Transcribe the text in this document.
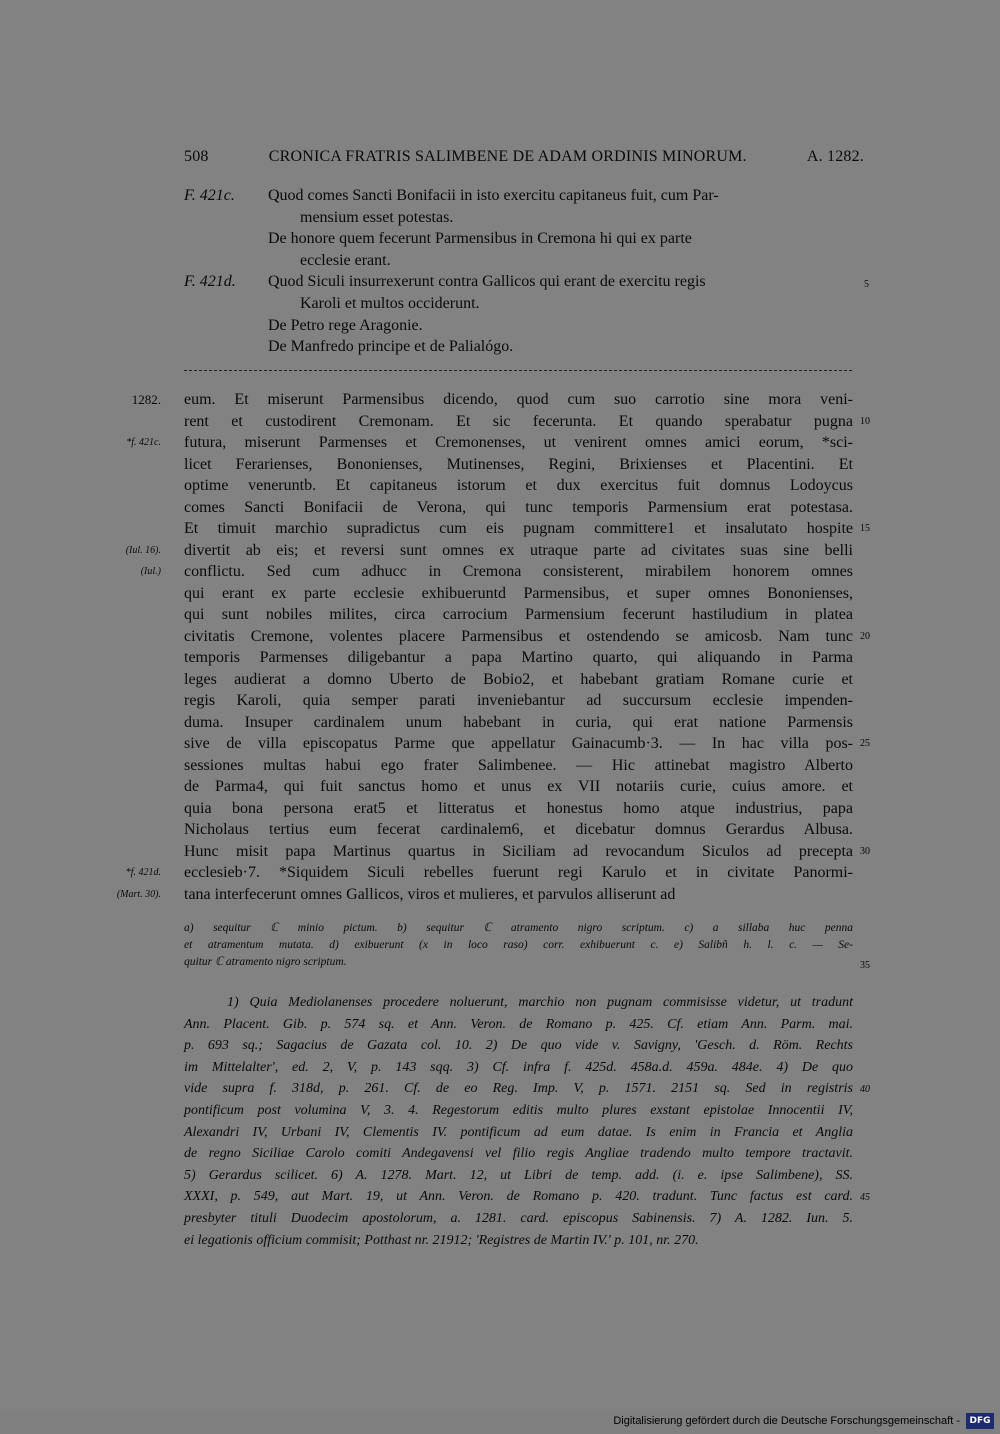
508	CRONICA FRATRIS SALIMBENE DE ADAM ORDINIS MINORUM.	A. 1282.
F. 421c. Quod comes Sancti Bonifacii in isto exercitu capitaneus fuit, cum Par-
mensium esset potestas.
De honore quem fecerunt Parmensibus in Cremona hi qui ex parte
ecclesie erant.
F. 421d. Quod Siculi insurrexerunt contra Gallicos qui erant de exercitu regis
Karoli et multos occiderunt.
De Petro rege Aragonie.
De Manfredo principe et de Palialógo.
5
eum. Et miserunt Parmensibus dicendo, quod cum suo carrotio sine mora veni-
rent et custodirent Cremonam. Et sic fecerunta. Et quando sperabatur pugna
futura, miserunt Parmenses et Cremonenses, ut venirent omnes amici eorum, *sci-
licet Ferarienses, Bononienses, Mutinenses, Regini, Brixienses et Placentini. Et
optime veneruntb. Et capitaneus istorum et dux exercitus fuit domnus Lodoycus
comes Sancti Bonifacii de Verona, qui tunc temporis Parmensium erat potestasa.
Et timuit marchio supradictus cum eis pugnam committere1 et insalutato hospite
divertit ab eis; et reversi sunt omnes ex utraque parte ad civitates suas sine belli
conflictu. Sed cum adhucc in Cremona consisterent, mirabilem honorem omnes
qui erant ex parte ecclesie exhibueruntd Parmensibus, et super omnes Bononienses,
qui sunt nobiles milites, circa carrocium Parmensium fecerunt hastiludium in platea
civitatis Cremone, volentes placere Parmensibus et ostendendo se amicosb. Nam tunc
temporis Parmenses diligebantur a papa Martino quarto, qui aliquando in Parma
leges audierat a domno Uberto de Bobio2, et habebant gratiam Romane curie et
regis Karoli, quia semper parati inveniebantur ad succursum ecclesie impenden-
duma. Insuper cardinalem unum habebant in curia, qui erat natione Parmensis
sive de villa episcopatus Parme que appellatur Gainacumb·3. — In hac villa pos-
sessiones multas habui ego frater Salimbenee. — Hic attinebat magistro Alberto
de Parma4, qui fuit sanctus homo et unus ex VII notariis curie, cuius amore. et
quia bona persona erat5 et litteratus et honestus homo atque industrius, papa
Nicholaus tertius eum fecerat cardinalem6, et dicebatur domnus Gerardus Albusa.
Hunc misit papa Martinus quartus in Siciliam ad revocandum Siculos ad precepta
ecclesieb·7. *Siquidem Siculi rebelles fuerunt regi Karulo et in civitate Panormi-
tana interfecerunt omnes Gallicos, viros et mulieres, et parvulos alliserunt ad
1282.
*f. 421c.
(Iul. 16).
(Iul.)
*f. 421d.
(Mart. 30).
10
15
20
25
30
a) sequitur ℂ minio pictum. b) sequitur ℂ atramento nigro scriptum. c) a sillaba huc penna
et atramentum mutata. d) exibuerunt (x in loco raso) corr. exhibuerunt c. e) Salibñ h. l. c. — Se-
quitur ℂ atramento nigro scriptum.	35
1) Quia Mediolanenses procedere noluerunt, marchio non pugnam commisisse videtur, ut tradunt
Ann. Placent. Gib. p. 574 sq. et Ann. Veron. de Romano p. 425. Cf. etiam Ann. Parm. mai.
p. 693 sq.; Sagacius de Gazata col. 10. 2) De quo vide v. Savigny, 'Gesch. d. Röm. Rechts
im Mittelalter', ed. 2, V, p. 143 sqq. 3) Cf. infra f. 425d. 458a.d. 459a. 484e. 4) De quo
vide supra f. 318d, p. 261. Cf. de eo Reg. Imp. V, p. 1571. 2151 sq. Sed in registris
pontificum post volumina V, 3. 4. Regestorum editis multo plures exstant epistolae Innocentii IV,
Alexandri IV, Urbani IV, Clementis IV. pontificum ad eum datae. Is enim in Francia et Anglia
de regno Siciliae Carolo comiti Andegavensi vel filio regis Angliae tradendo multo tempore tractavit.
5) Gerardus scilicet. 6) A. 1278. Mart. 12, ut Libri de temp. add. (i. e. ipse Salimbene), SS.
XXXI, p. 549, aut Mart. 19, ut Ann. Veron. de Romano p. 420. tradunt. Tunc factus est card.
presbyter tituli Duodecim apostolorum, a. 1281. card. episcopus Sabinensis. 7) A. 1282. Iun. 5.
ei legationis officium commisit; Potthast nr. 21912; 'Registres de Martin IV.' p. 101, nr. 270.
40
45
Digitalisierung gefördert durch die Deutsche Forschungsgemeinschaft -	DFG
